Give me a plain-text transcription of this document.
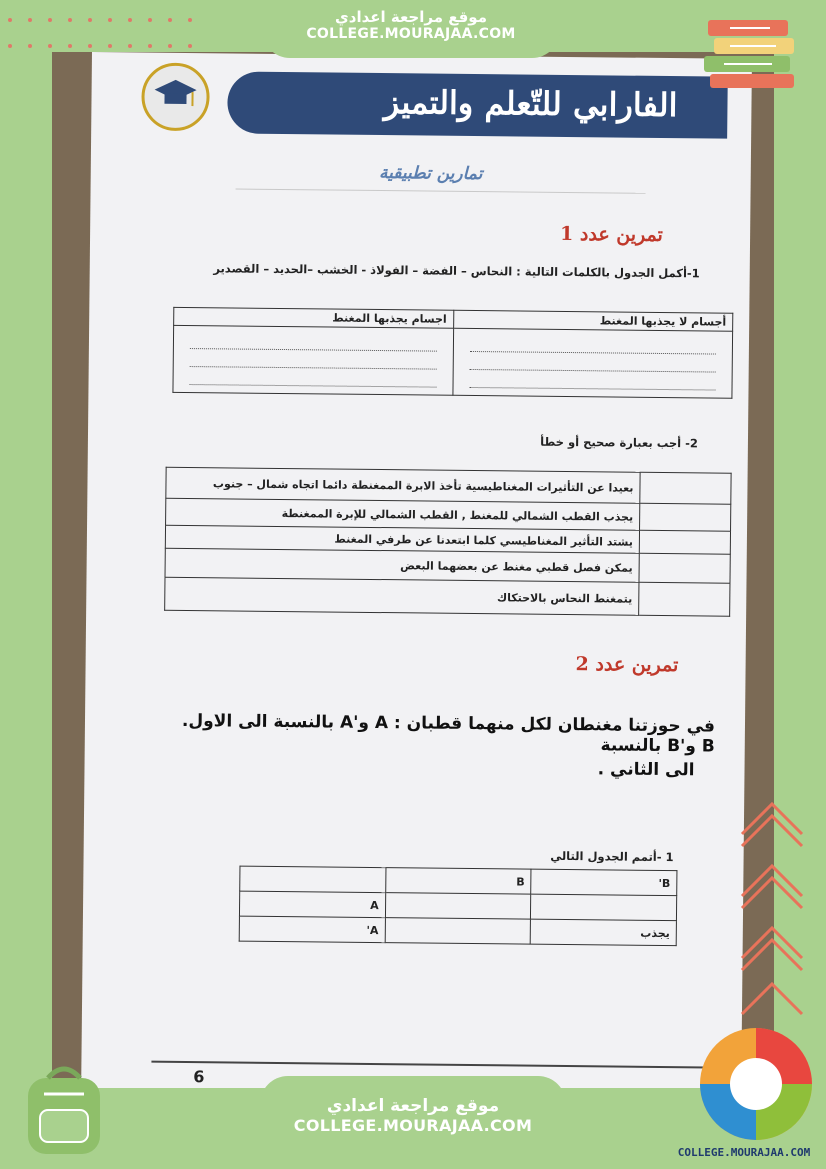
الفارابي للتّعلم والتميز
تمارين تطبيقية
تمرين عدد 1
1-أكمل الجدول بالكلمات التالية : النحاس – الفضة – الفولاذ - الخشب –الحديد – القصدير
اجسام يجذبها المغنط	أجسام لا يجذبها المغنط

2- أجب بعبارة صحيح أو خطأ
بعيدا عن التأثيرات المغناطيسية تأخذ الابرة الممغنطة دائما اتجاه شمال – جنوب	
يجذب القطب الشمالي للمغنط , القطب الشمالي للإبرة الممغنطة	
يشتد التأثير المغناطيسي كلما ابتعدنا عن طرفي المغنط	
يمكن فصل قطبي مغنط عن بعضهما البعض	
يتمغنط النحاس بالاحتكاك	
تمرين عدد 2
في حوزتنا مغنطان لكل منهما قطبان : A و'A بالنسبة الى الاول. B و'B بالنسبة
الى الثاني .
1 -أتمم الجدول التالي
	B	B'
A		
A'		يجذب
6
موقع مراجعة اعدادي
COLLEGE.MOURAJAA.COM
موقع مراجعة اعدادي
COLLEGE.MOURAJAA.COM
COLLEGE.MOURAJAA.COM
